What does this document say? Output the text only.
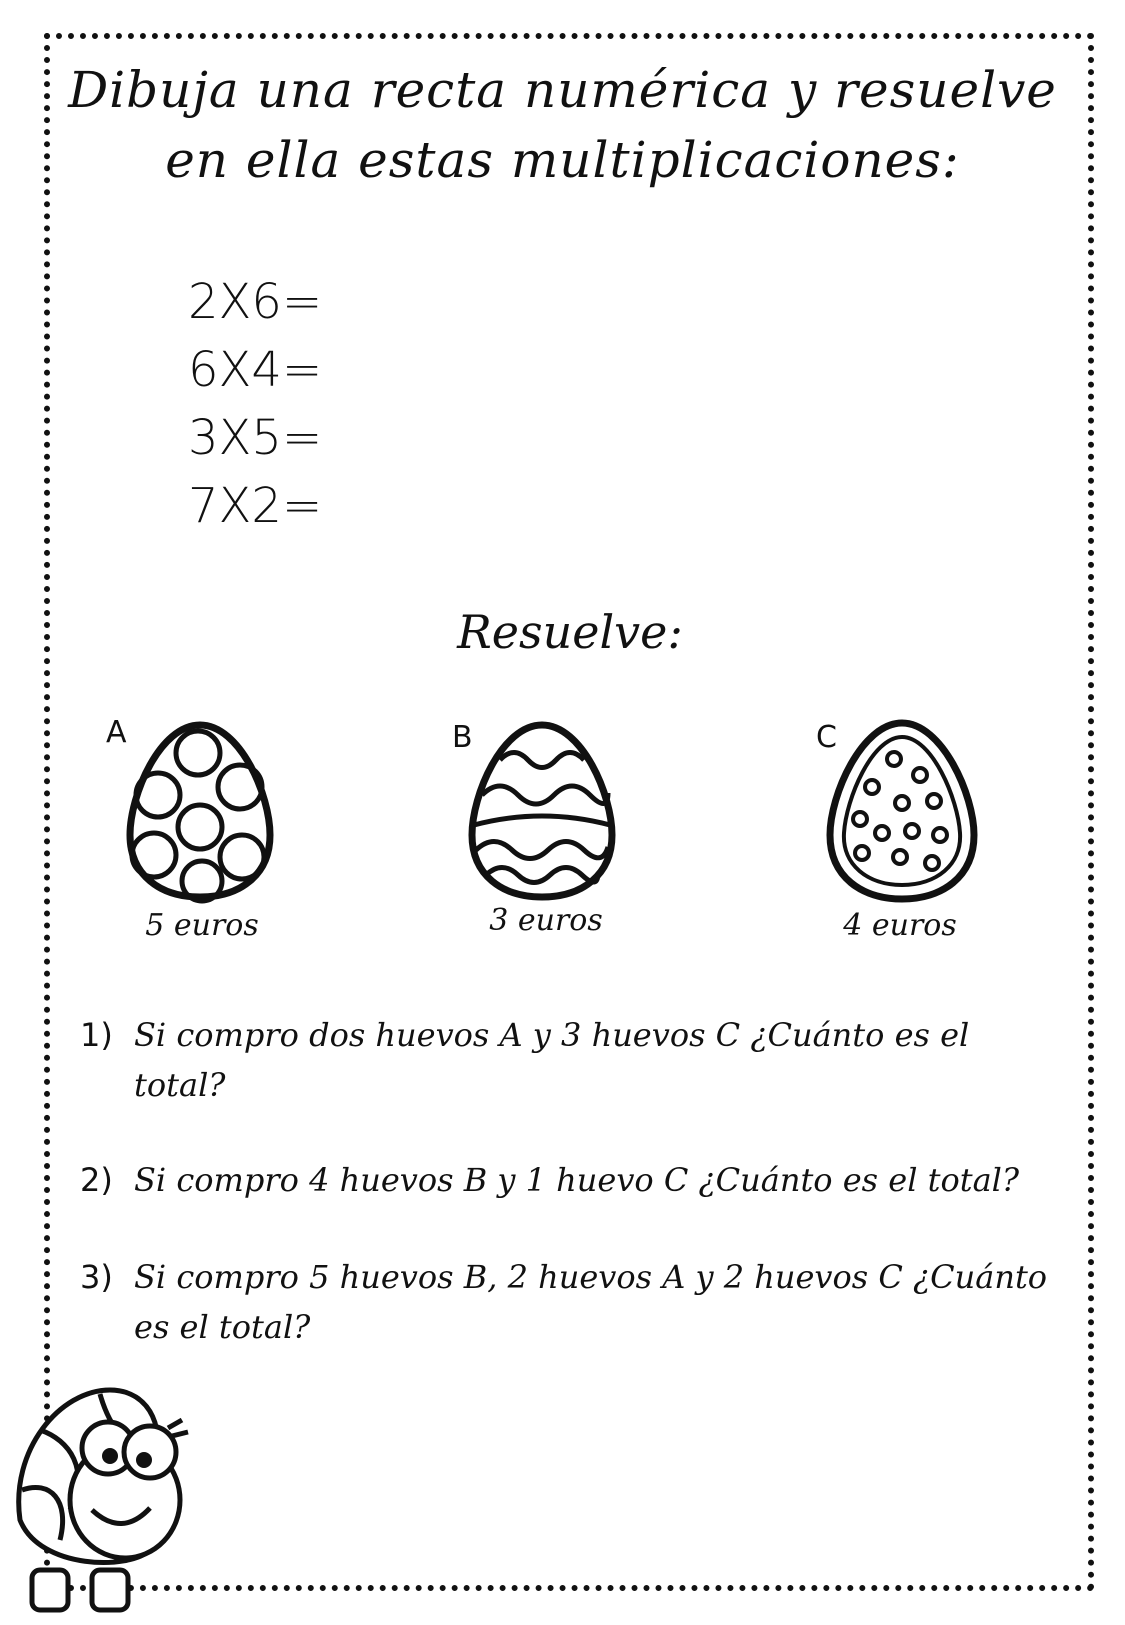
Dibuja una recta numérica y resuelve
en ella estas multiplicaciones:
2X6=
6X4=
3X5=
7X2=
Resuelve:
A
5 euros
B
3 euros
C
4 euros
1) Si compro dos huevos A y 3 huevos C ¿Cuánto es el total?
2) Si compro 4 huevos B y 1 huevo C ¿Cuánto es el total?
3) Si compro 5 huevos B, 2 huevos A y 2 huevos C ¿Cuánto es el total?
